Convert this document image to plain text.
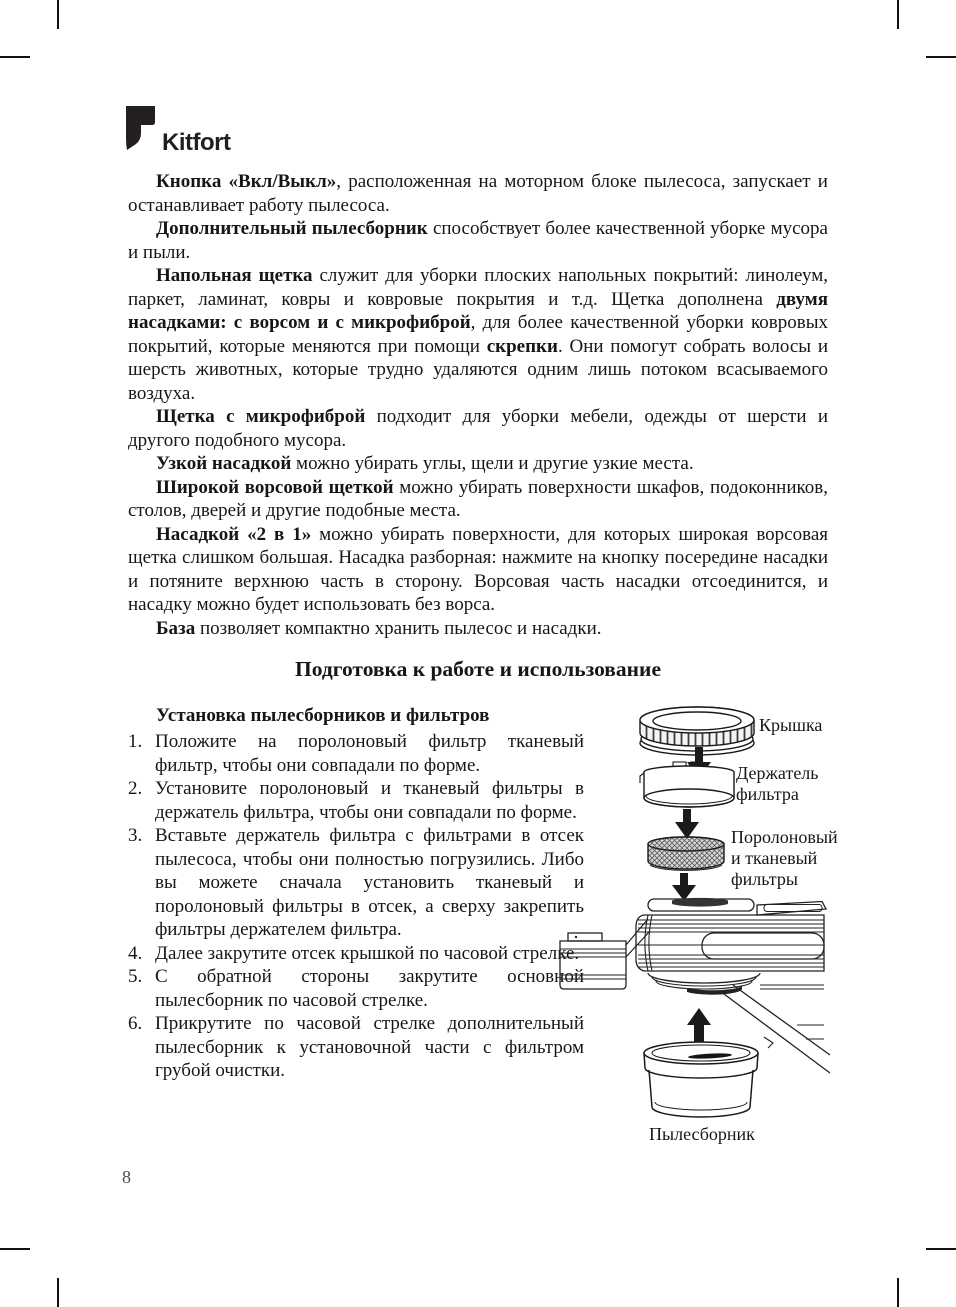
Kitfort

Кнопка «Вкл/Выкл», расположенная на моторном блоке пылесоса, запускает и останавливает работу пылесоса.

Дополнительный пылесборник способствует более качественной уборке мусора и пыли.

Напольная щетка служит для уборки плоских напольных покрытий: линолеум, паркет, ламинат, ковры и ковровые покрытия и т.д. Щетка дополнена двумя насадками: с ворсом и с микрофиброй, для более качественной уборки ковровых покрытий, которые меняются при помощи скрепки. Они помогут собрать волосы и шерсть животных, которые трудно удаляются одним лишь потоком всасываемого воздуха.

Щетка с микрофиброй подходит для уборки мебели, одежды от шерсти и другого подобного мусора.

Узкой насадкой можно убирать углы, щели и другие узкие места.

Широкой ворсовой щеткой можно убирать поверхности шкафов, подоконников, столов, дверей и другие подобные места.

Насадкой «2 в 1» можно убирать поверхности, для которых широкая ворсовая щетка слишком большая. Насадка разборная: нажмите на кнопку посередине насадки и потяните верхнюю часть в сторону. Ворсовая часть насадки отсоединится, и насадку можно будет использовать без ворса.

База позволяет компактно хранить пылесос и насадки.

Подготовка к работе и использование
Установка пылесборников и фильтров
1. Положите на поролоновый фильтр тканевый фильтр, чтобы они совпадали по форме.
2. Установите поролоновый и тканевый фильтры в держатель фильтра, чтобы они совпадали по форме.
3. Вставьте держатель фильтра с фильтрами в отсек пылесоса, чтобы они полностью погрузились. Либо вы можете сначала установить тканевый и поролоновый фильтры в отсек, а сверху закрепить фильтры держателем фильтра.
4. Далее закрутите отсек крышкой по часовой стрелке.
5. С обратной стороны закрутите основной пылесборник по часовой стрелке.
6. Прикрутите по часовой стрелке дополнительный пылесборник к установочной части с фильтром грубой очистки.
Крышка
Держатель фильтра
Поролоновый и тканевый фильтры
Пылесборник
8
